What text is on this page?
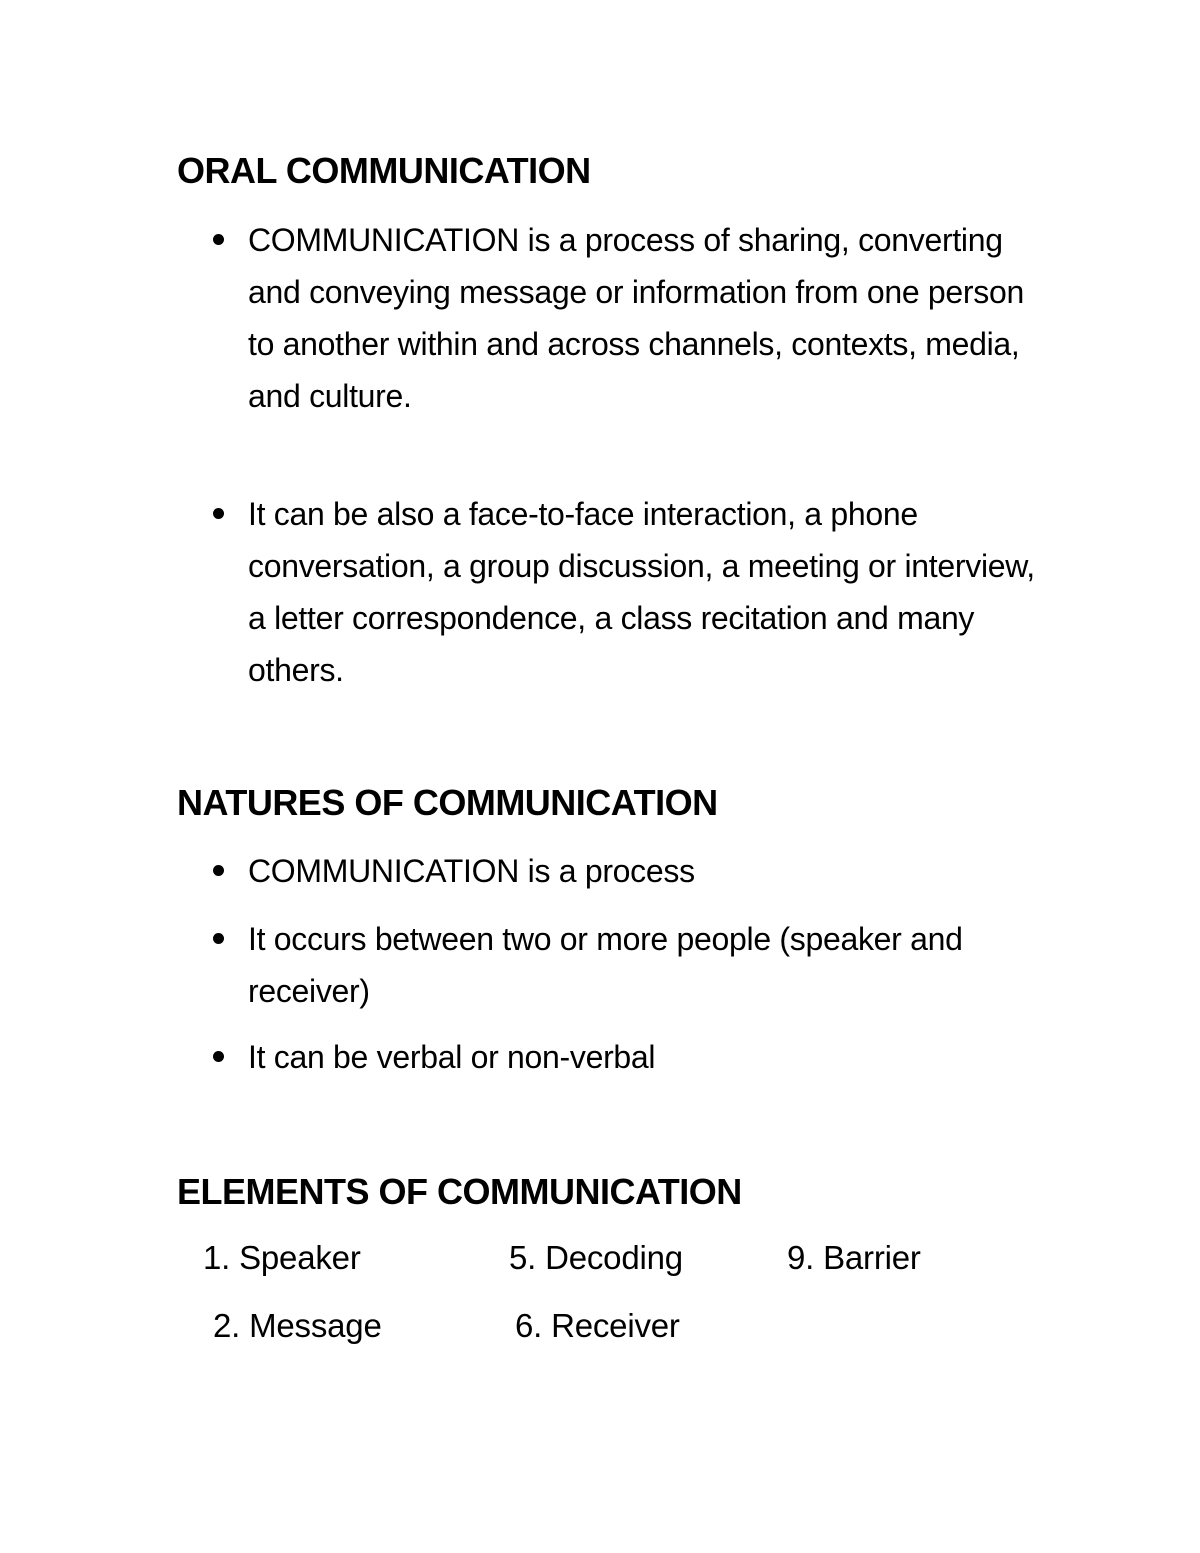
ORAL COMMUNICATION
COMMUNICATION is a process of sharing, converting and conveying message or information from one person to another within and across channels, contexts, media, and culture.
It can be also a face-to-face interaction, a phone conversation, a group discussion, a meeting or interview, a letter correspondence, a class recitation and many others.
NATURES OF COMMUNICATION
COMMUNICATION is a process
It occurs between two or more people (speaker and receiver)
It can be verbal or non-verbal
ELEMENTS OF COMMUNICATION
1. Speaker	5. Decoding	9. Barrier
2. Message	6. Receiver
